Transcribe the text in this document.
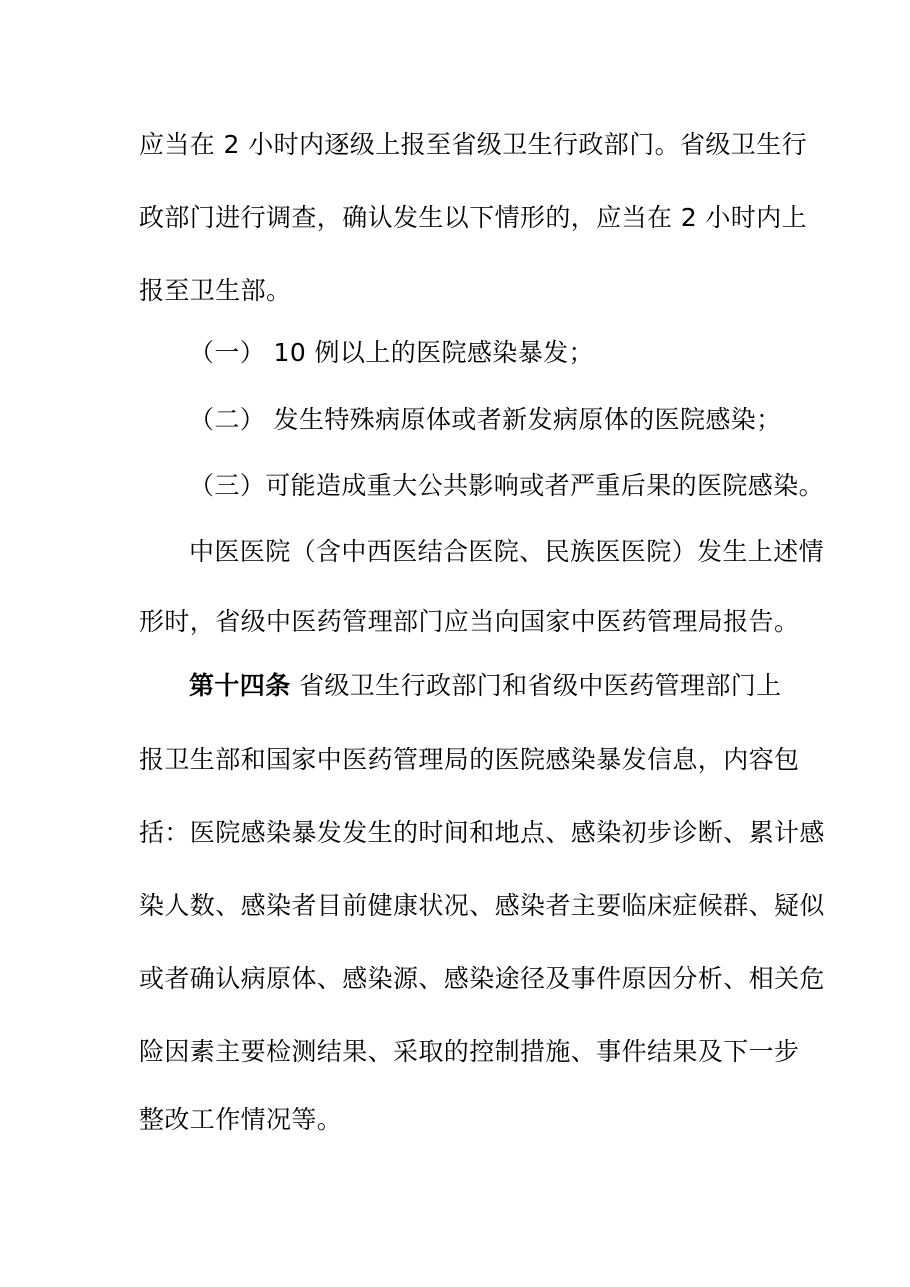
应当在 2 小时内逐级上报至省级卫生行政部门。省级卫生行
政部门进行调查，确认发生以下情形的，应当在 2 小时内上
报至卫生部。
（一） 10 例以上的医院感染暴发；
（二） 发生特殊病原体或者新发病原体的医院感染；
（三）可能造成重大公共影响或者严重后果的医院感染。
中医医院（含中西医结合医院、民族医医院）发生上述情
形时，省级中医药管理部门应当向国家中医药管理局报告。
第十四条 省级卫生行政部门和省级中医药管理部门上
报卫生部和国家中医药管理局的医院感染暴发信息，内容包
括：医院感染暴发发生的时间和地点、感染初步诊断、累计感
染人数、感染者目前健康状况、感染者主要临床症候群、疑似
或者确认病原体、感染源、感染途径及事件原因分析、相关危
险因素主要检测结果、采取的控制措施、事件结果及下一步
整改工作情况等。
